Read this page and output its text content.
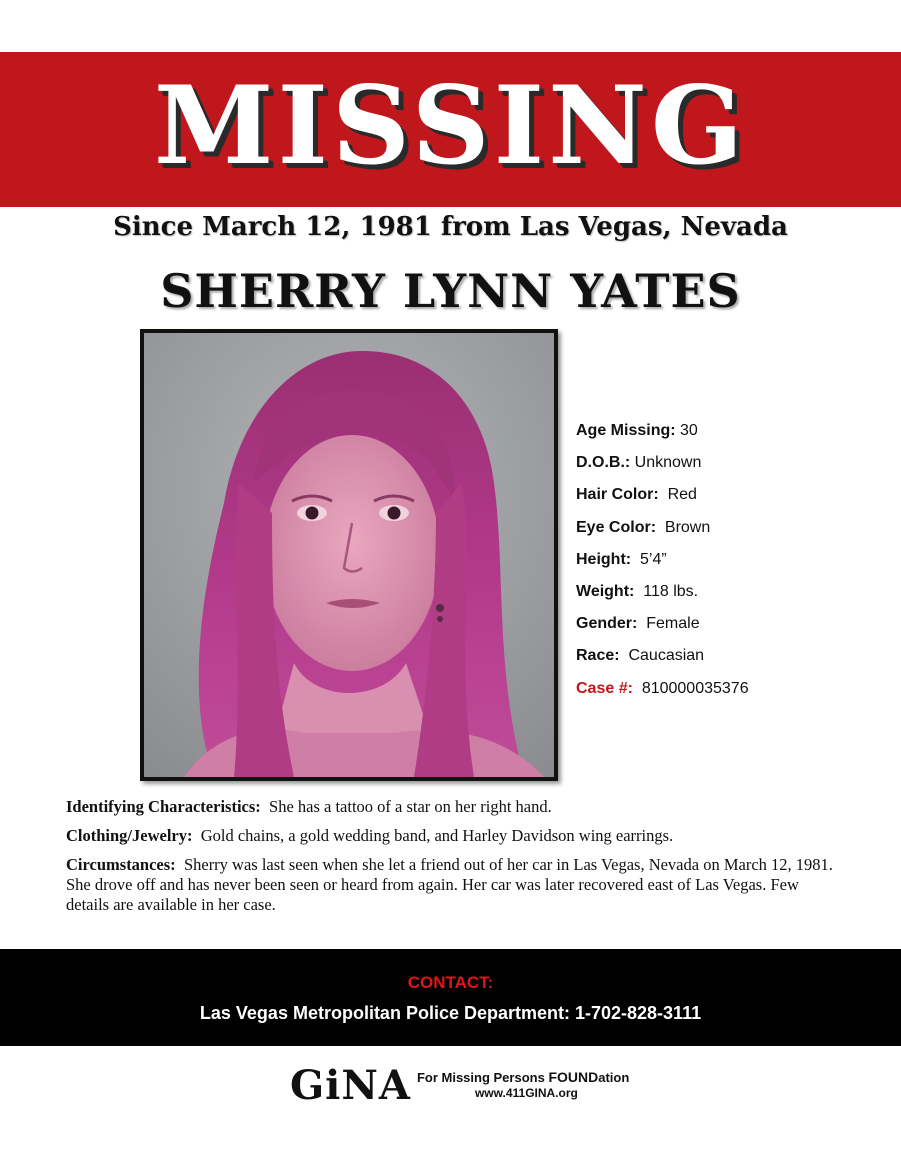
MISSING
Since March 12, 1981 from Las Vegas, Nevada
SHERRY LYNN YATES
Age Missing: 30
D.O.B.: Unknown
Hair Color: Red
Eye Color: Brown
Height: 5’4”
Weight: 118 lbs.
Gender: Female
Race: Caucasian
Case #: 810000035376

Identifying Characteristics: She has a tattoo of a star on her right hand.

Clothing/Jewelry: Gold chains, a gold wedding band, and Harley Davidson wing earrings.

Circumstances: Sherry was last seen when she let a friend out of her car in Las Vegas, Nevada on March 12, 1981. She drove off and has never been seen or heard from again. Her car was later recovered east of Las Vegas. Few details are available in her case.

CONTACT:
Las Vegas Metropolitan Police Department: 1-702-828-3111
GiNA For Missing Persons FOUNDation
www.411GINA.org
